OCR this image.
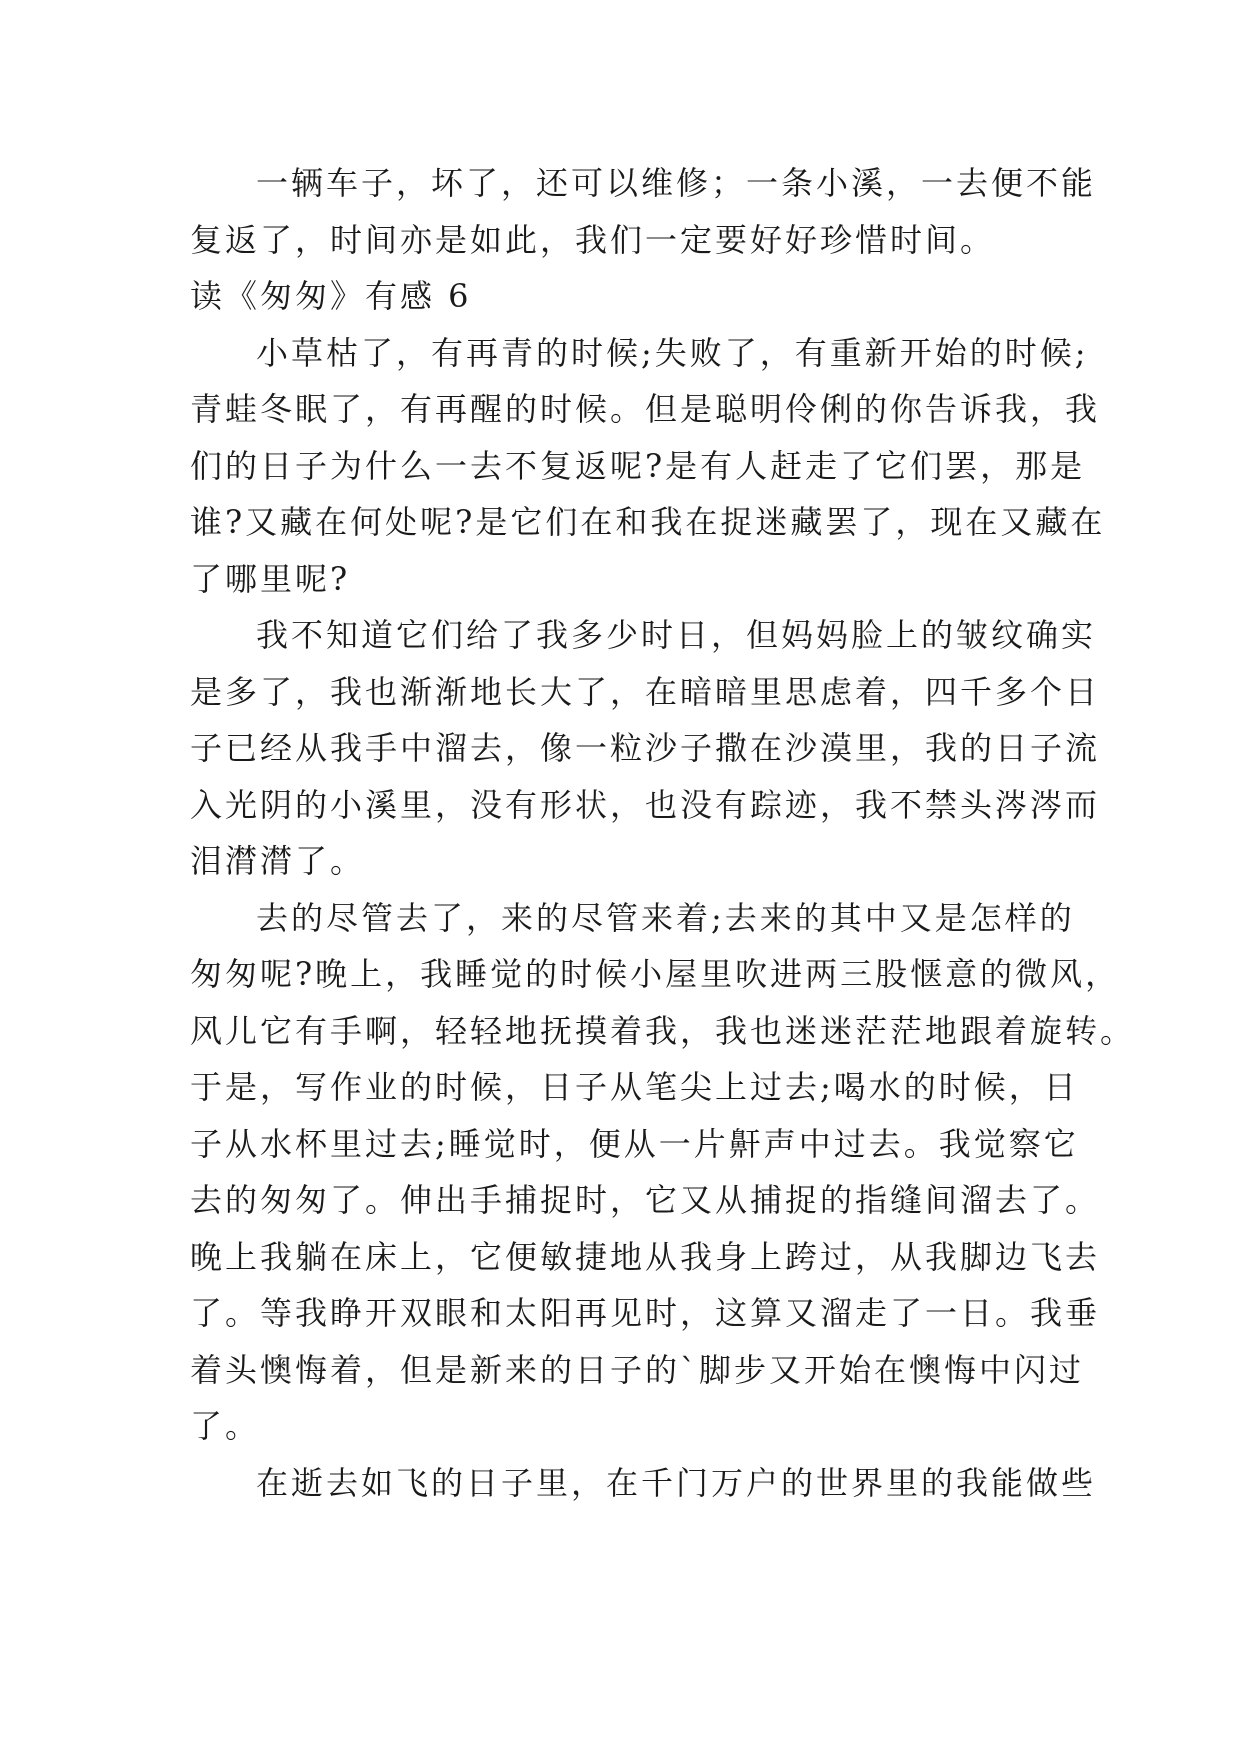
一辆车子，坏了，还可以维修；一条小溪，一去便不能
复返了，时间亦是如此，我们一定要好好珍惜时间。
读《匆匆》有感 6
小草枯了，有再青的时候;失败了，有重新开始的时候;
青蛙冬眠了，有再醒的时候。但是聪明伶俐的你告诉我，我
们的日子为什么一去不复返呢?是有人赶走了它们罢，那是
谁?又藏在何处呢?是它们在和我在捉迷藏罢了，现在又藏在
了哪里呢?
我不知道它们给了我多少时日，但妈妈脸上的皱纹确实
是多了，我也渐渐地长大了，在暗暗里思虑着，四千多个日
子已经从我手中溜去，像一粒沙子撒在沙漠里，我的日子流
入光阴的小溪里，没有形状，也没有踪迹，我不禁头涔涔而
泪潸潸了。
去的尽管去了，来的尽管来着;去来的其中又是怎样的
匆匆呢?晚上，我睡觉的时候小屋里吹进两三股惬意的微风，
风儿它有手啊，轻轻地抚摸着我，我也迷迷茫茫地跟着旋转。
于是，写作业的时候，日子从笔尖上过去;喝水的时候，日
子从水杯里过去;睡觉时，便从一片鼾声中过去。我觉察它
去的匆匆了。伸出手捕捉时，它又从捕捉的指缝间溜去了。
晚上我躺在床上，它便敏捷地从我身上跨过，从我脚边飞去
了。等我睁开双眼和太阳再见时，这算又溜走了一日。我垂
着头懊悔着，但是新来的日子的`脚步又开始在懊悔中闪过
了。
在逝去如飞的日子里，在千门万户的世界里的我能做些
